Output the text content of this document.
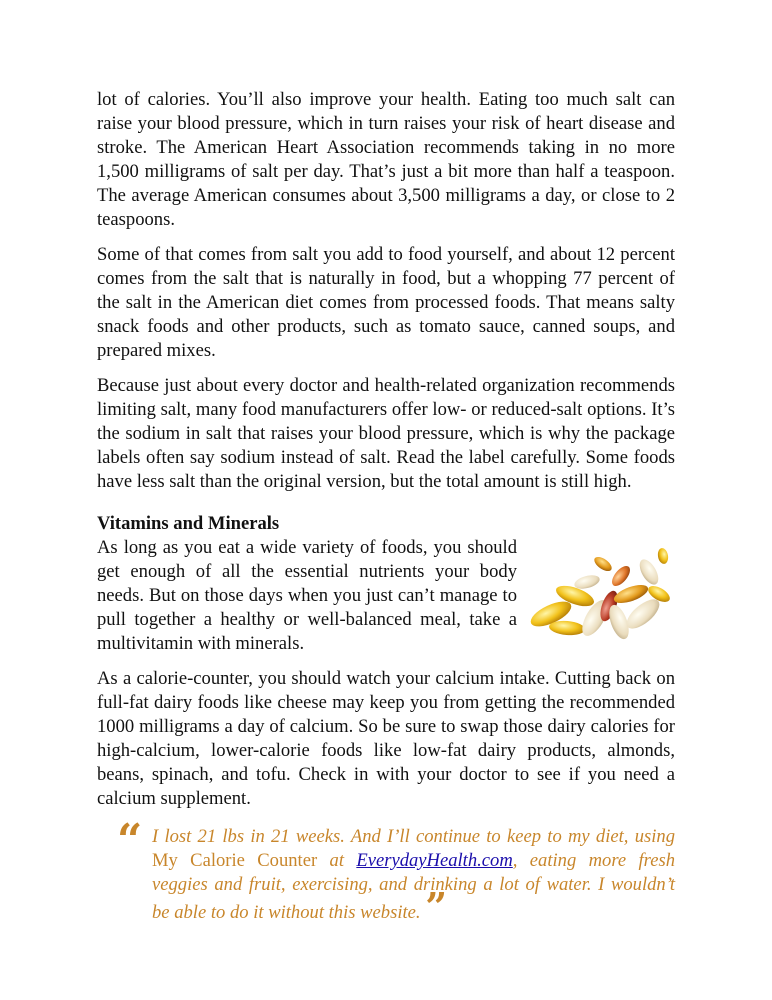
lot of calories. You’ll also improve your health. Eating too much salt can raise your blood pressure, which in turn raises your risk of heart disease and stroke. The American Heart Association recommends taking in no more 1,500 milligrams of salt per day. That’s just a bit more than half a teaspoon. The average American consumes about 3,500 milligrams a day, or close to 2 teaspoons.

Some of that comes from salt you add to food yourself, and about 12 percent comes from the salt that is naturally in food, but a whopping 77 percent of the salt in the American diet comes from processed foods. That means salty snack foods and other products, such as tomato sauce, canned soups, and prepared mixes.

Because just about every doctor and health-related organization recommends limiting salt, many food manufacturers offer low- or reduced-salt options. It’s the sodium in salt that raises your blood pressure, which is why the package labels often say sodium instead of salt. Read the label carefully. Some foods have less salt than the original version, but the total amount is still high.

Vitamins and Minerals

As long as you eat a wide variety of foods, you should get enough of all the essential nutrients your body needs. But on those days when you just can’t manage to pull together a healthy or well-balanced meal, take a multivitamin with minerals.

As a calorie-counter, you should watch your calcium intake. Cutting back on full-fat dairy foods like cheese may keep you from getting the recommended 1000 milligrams a day of calcium. So be sure to swap those dairy calories for high-calcium, lower-calorie foods like low-fat dairy products, almonds, beans, spinach, and tofu. Check in with your doctor to see if you need a calcium supplement.

“ I lost 21 lbs in 21 weeks. And I’ll continue to keep to my diet, using My Calorie Counter at EverydayHealth.com, eating more fresh veggies and fruit, exercising, and drinking a lot of water. I wouldn’t be able to do it without this website. ”
